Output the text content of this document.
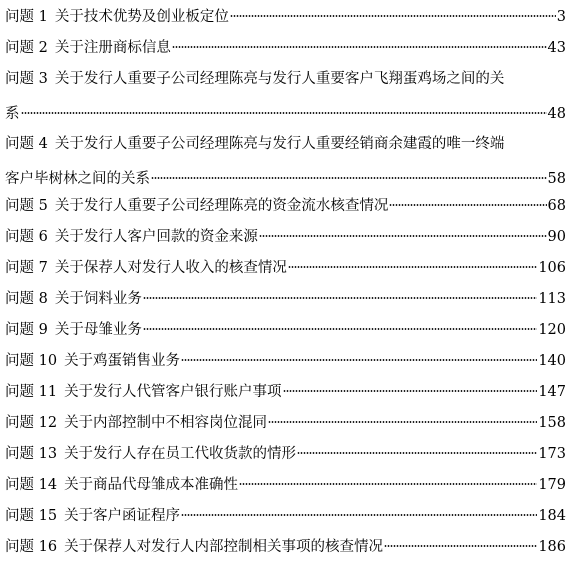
问题 1 关于技术优势及创业板定位	3
问题 2 关于注册商标信息	43
问题 3 关于发行人重要子公司经理陈亮与发行人重要客户飞翔蛋鸡场之间的关
系	48
问题 4 关于发行人重要子公司经理陈亮与发行人重要经销商余建霞的唯一终端
客户毕树林之间的关系	58
问题 5 关于发行人重要子公司经理陈亮的资金流水核查情况	68
问题 6 关于发行人客户回款的资金来源	90
问题 7 关于保荐人对发行人收入的核查情况	106
问题 8 关于饲料业务	113
问题 9 关于母雏业务	120
问题 10 关于鸡蛋销售业务	140
问题 11 关于发行人代管客户银行账户事项	147
问题 12 关于内部控制中不相容岗位混同	158
问题 13 关于发行人存在员工代收货款的情形	173
问题 14 关于商品代母雏成本准确性	179
问题 15 关于客户函证程序	184
问题 16 关于保荐人对发行人内部控制相关事项的核查情况	186
